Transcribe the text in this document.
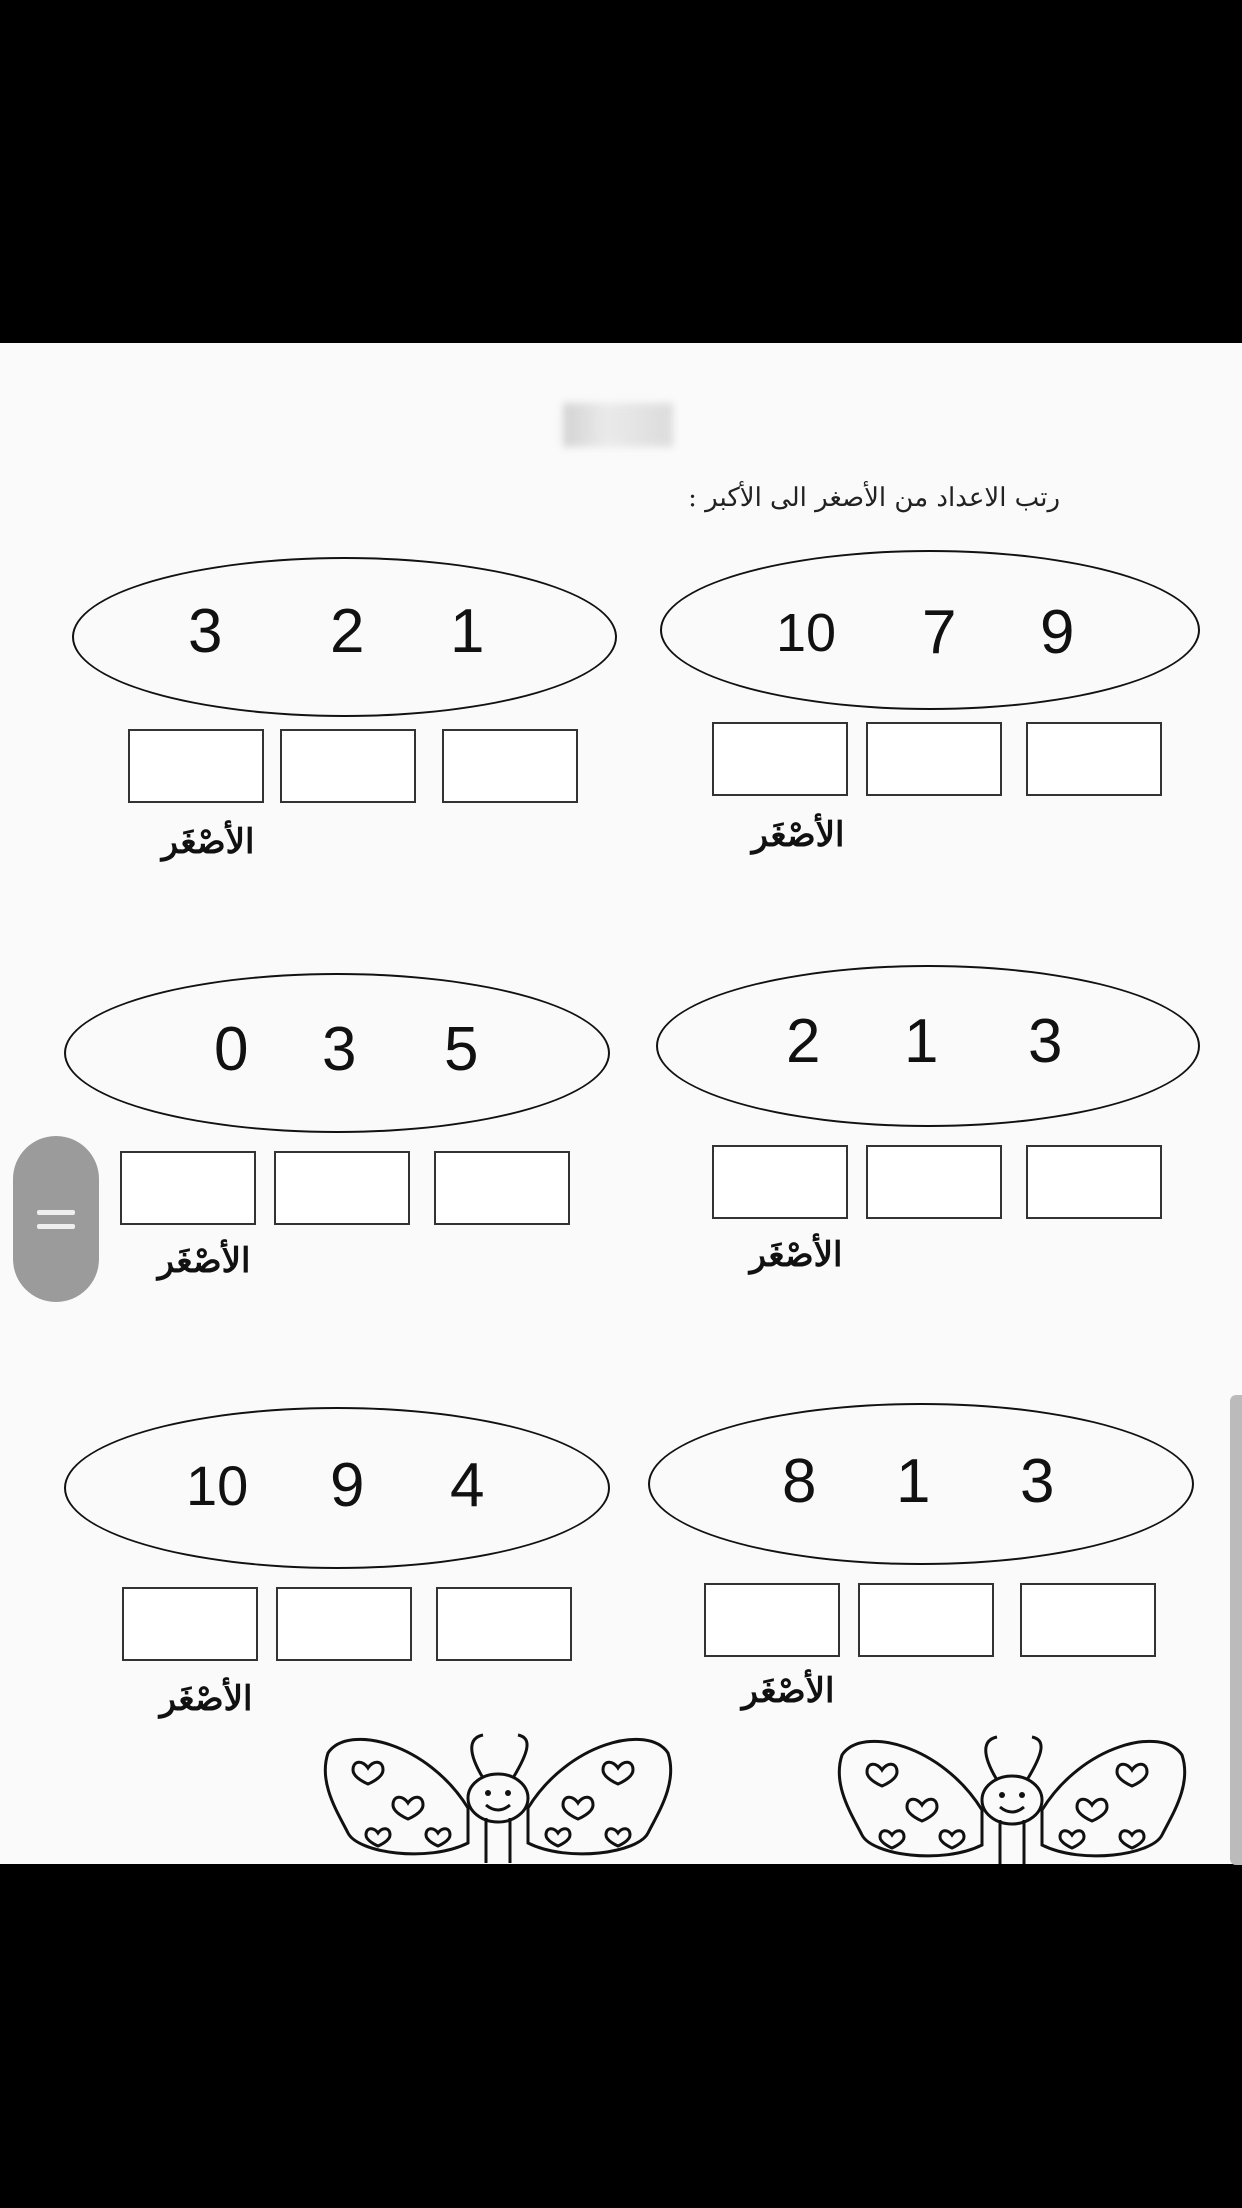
رتب الاعداد من الأصغر الى الأكبر :
9
7
10
الأصْغَر
1
2
3
الأصْغَر
3
1
2
الأصْغَر
5
3
0
الأصْغَر
3
1
8
الأصْغَر
4
9
10
الأصْغَر
